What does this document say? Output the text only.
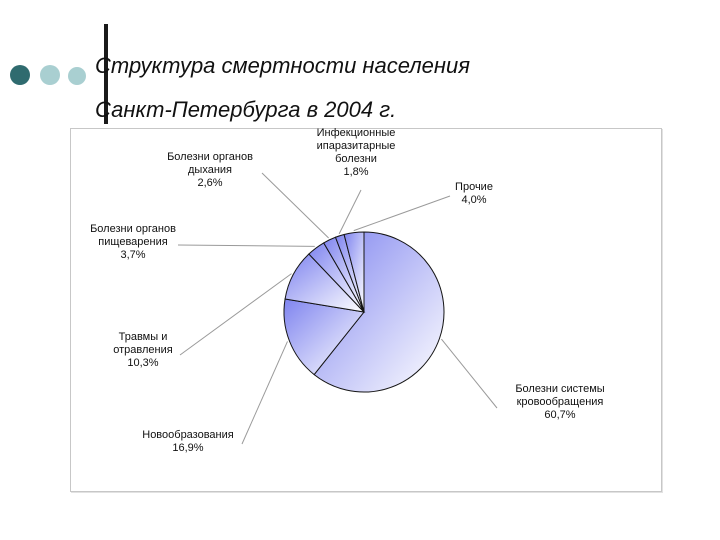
Структура смертности населения
Санкт-Петербурга в 2004 г.
Болезни системы кровообращения 60,7%
Новообразования 16,9%
Травмы и отравления 10,3%
Болезни органов пищеварения 3,7%
Болезни органов дыхания 2,6%
Инфекционные ипаразитарные болезни 1,8%
Прочие 4,0%
